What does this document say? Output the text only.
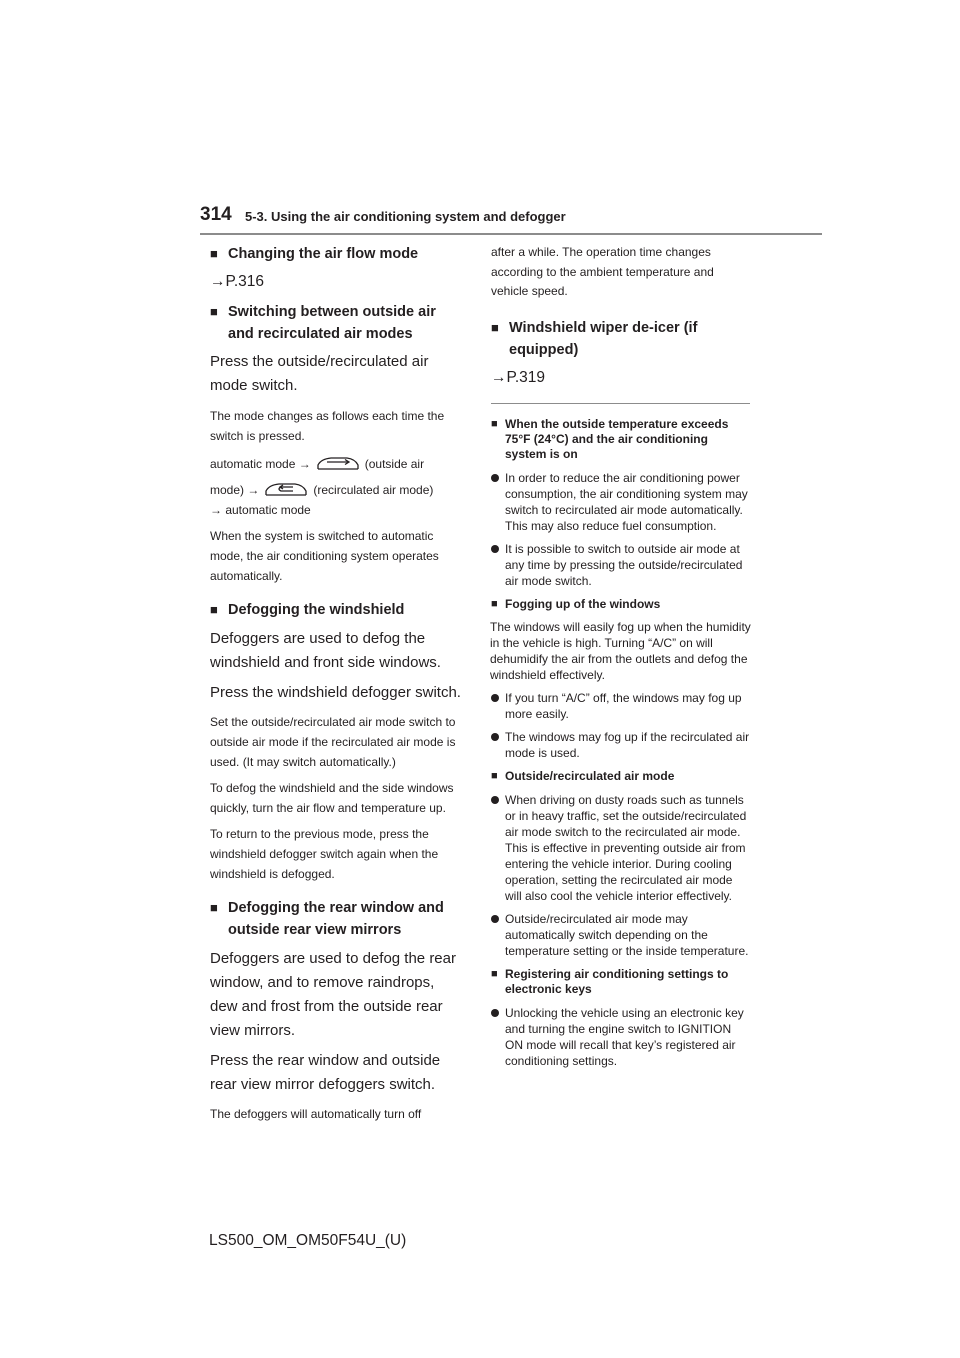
314 5-3. Using the air conditioning system and defogger
■ Changing the air flow mode

→P.316

■ Switching between outside air and recirculated air modes

Press the outside/recirculated air mode switch.

The mode changes as follows each time the switch is pressed.

automatic mode →	(outside air

mode) →	(recirculated air mode)

→ automatic mode

When the system is switched to automatic mode, the air conditioning system operates automatically.

■ Defogging the windshield

Defoggers are used to defog the windshield and front side windows.

Press the windshield defogger switch.

Set the outside/recirculated air mode switch to outside air mode if the recirculated air mode is used. (It may switch automatically.)

To defog the windshield and the side windows quickly, turn the air flow and temperature up.

To return to the previous mode, press the windshield defogger switch again when the windshield is defogged.

■ Defogging the rear window and outside rear view mirrors

Defoggers are used to defog the rear window, and to remove raindrops, dew and frost from the outside rear view mirrors.

Press the rear window and outside rear view mirror defoggers switch.

The defoggers will automatically turn off

after a while. The operation time changes according to the ambient temperature and vehicle speed.

■ Windshield wiper de-icer (if equipped)

→P.319

■ When the outside temperature exceeds 75°F (24°C) and the air conditioning system is on
In order to reduce the air conditioning power consumption, the air conditioning system may switch to recirculated air mode automatically. This may also reduce fuel consumption.
It is possible to switch to outside air mode at any time by pressing the outside/recirculated air mode switch.
■ Fogging up of the windows

The windows will easily fog up when the humidity in the vehicle is high. Turning “A/C” on will dehumidify the air from the outlets and defog the windshield effectively.

If you turn “A/C” off, the windows may fog up more easily.
The windows may fog up if the recirculated air mode is used.
■ Outside/recirculated air mode
When driving on dusty roads such as tunnels or in heavy traffic, set the outside/recirculated air mode switch to the recirculated air mode. This is effective in preventing outside air from entering the vehicle interior. During cooling operation, setting the recirculated air mode will also cool the vehicle interior effectively.
Outside/recirculated air mode may automatically switch depending on the temperature setting or the inside temperature.
■ Registering air conditioning settings to electronic keys
Unlocking the vehicle using an electronic key and turning the engine switch to IGNITION ON mode will recall that key’s registered air conditioning settings.
LS500_OM_OM50F54U_(U)
